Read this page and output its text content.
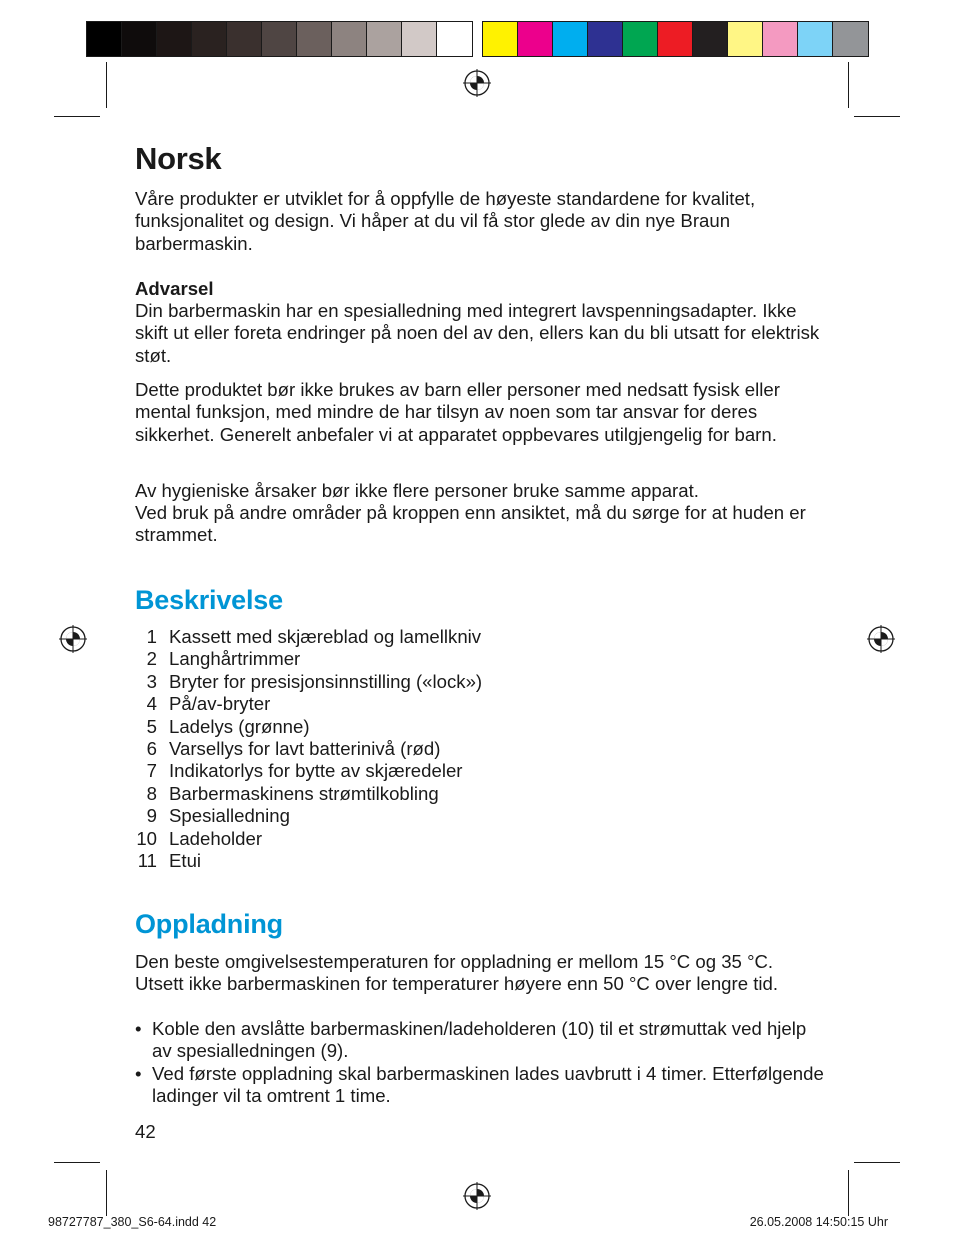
Norsk

Våre produkter er utviklet for å oppfylle de høyeste standardene for kvalitet, funksjonalitet og design. Vi håper at du vil få stor glede av din nye Braun barbermaskin.

Advarsel

Din barbermaskin har en spesialledning med integrert lavspenningsadapter. Ikke skift ut eller foreta endringer på noen del av den, ellers kan du bli utsatt for elektrisk støt.

Dette produktet bør ikke brukes av barn eller personer med nedsatt fysisk eller mental funksjon, med mindre de har tilsyn av noen som tar ansvar for deres sikkerhet. Generelt anbefaler vi at apparatet oppbevares utilgjengelig for barn.

Av hygieniske årsaker bør ikke flere personer bruke samme apparat.

Ved bruk på andre områder på kroppen enn ansiktet, må du sørge for at huden er strammet.

Beskrivelse
1 Kassett med skjæreblad og lamellkniv
2 Langhårtrimmer
3 Bryter for presisjonsinnstilling («lock»)
4 På/av-bryter
5 Ladelys (grønne)
6 Varsellys for lavt batterinivå (rød)
7 Indikatorlys for bytte av skjæredeler
8 Barbermaskinens strømtilkobling
9 Spesialledning
10 Ladeholder
11 Etui
Oppladning

Den beste omgivelsestemperaturen for oppladning er mellom 15 °C og 35 °C. Utsett ikke barbermaskinen for temperaturer høyere enn 50 °C over lengre tid.

• Koble den avslåtte barbermaskinen/ladeholderen (10) til et strømuttak ved hjelp av spesialledningen (9).
• Ved første oppladning skal barbermaskinen lades uavbrutt i 4 timer. Etterfølgende ladinger vil ta omtrent 1 time.
42
98727787_380_S6-64.indd 42	26.05.2008 14:50:15 Uhr
